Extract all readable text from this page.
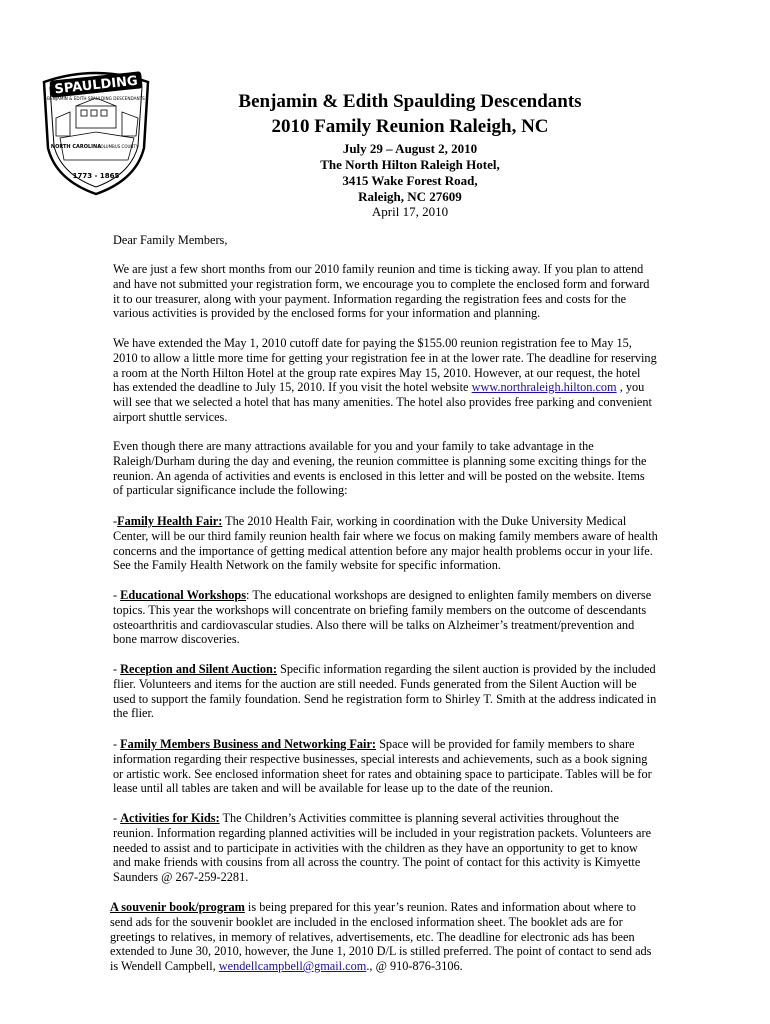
SPAULDING
BENJAMIN & EDITH SPAULDING DESCENDANTS
NORTH CAROLINA
COLUMBUS COUNTY
1773 - 1865
Benjamin & Edith Spaulding Descendants
2010 Family Reunion Raleigh, NC
July 29 – August 2, 2010
The North Hilton Raleigh Hotel,
3415 Wake Forest Road,
Raleigh, NC 27609
April 17, 2010

Dear Family Members,

We are just a few short months from our 2010 family reunion and time is ticking away. If you plan to attend and have not submitted your registration form, we encourage you to complete the enclosed form and forward it to our treasurer, along with your payment. Information regarding the registration fees and costs for the various activities is provided by the enclosed forms for your information and planning.

We have extended the May 1, 2010 cutoff date for paying the $155.00 reunion registration fee to May 15, 2010 to allow a little more time for getting your registration fee in at the lower rate. The deadline for reserving a room at the North Hilton Hotel at the group rate expires May 15, 2010. However, at our request, the hotel has extended the deadline to July 15, 2010. If you visit the hotel website www.northraleigh.hilton.com , you will see that we selected a hotel that has many amenities. The hotel also provides free parking and convenient airport shuttle services.

Even though there are many attractions available for you and your family to take advantage in the Raleigh/Durham during the day and evening, the reunion committee is planning some exciting things for the reunion. An agenda of activities and events is enclosed in this letter and will be posted on the website. Items of particular significance include the following:

-Family Health Fair: The 2010 Health Fair, working in coordination with the Duke University Medical Center, will be our third family reunion health fair where we focus on making family members aware of health concerns and the importance of getting medical attention before any major health problems occur in your life. See the Family Health Network on the family website for specific information.

- Educational Workshops: The educational workshops are designed to enlighten family members on diverse topics. This year the workshops will concentrate on briefing family members on the outcome of descendants osteoarthritis and cardiovascular studies. Also there will be talks on Alzheimer’s treatment/prevention and bone marrow discoveries.

- Reception and Silent Auction: Specific information regarding the silent auction is provided by the included flier. Volunteers and items for the auction are still needed. Funds generated from the Silent Auction will be used to support the family foundation. Send he registration form to Shirley T. Smith at the address indicated in the flier.

- Family Members Business and Networking Fair: Space will be provided for family members to share information regarding their respective businesses, special interests and achievements, such as a book signing or artistic work. See enclosed information sheet for rates and obtaining space to participate. Tables will be for lease until all tables are taken and will be available for lease up to the date of the reunion.

- Activities for Kids: The Children’s Activities committee is planning several activities throughout the reunion. Information regarding planned activities will be included in your registration packets. Volunteers are needed to assist and to participate in activities with the children as they have an opportunity to get to know and make friends with cousins from all across the country. The point of contact for this activity is Kimyette Saunders @ 267-259-2281.

A souvenir book/program is being prepared for this year’s reunion. Rates and information about where to send ads for the souvenir booklet are included in the enclosed information sheet. The booklet ads are for greetings to relatives, in memory of relatives, advertisements, etc. The deadline for electronic ads has been extended to June 30, 2010, however, the June 1, 2010 D/L is stilled preferred. The point of contact to send ads is Wendell Campbell, wendellcampbell@gmail.com., @ 910-876-3106.
